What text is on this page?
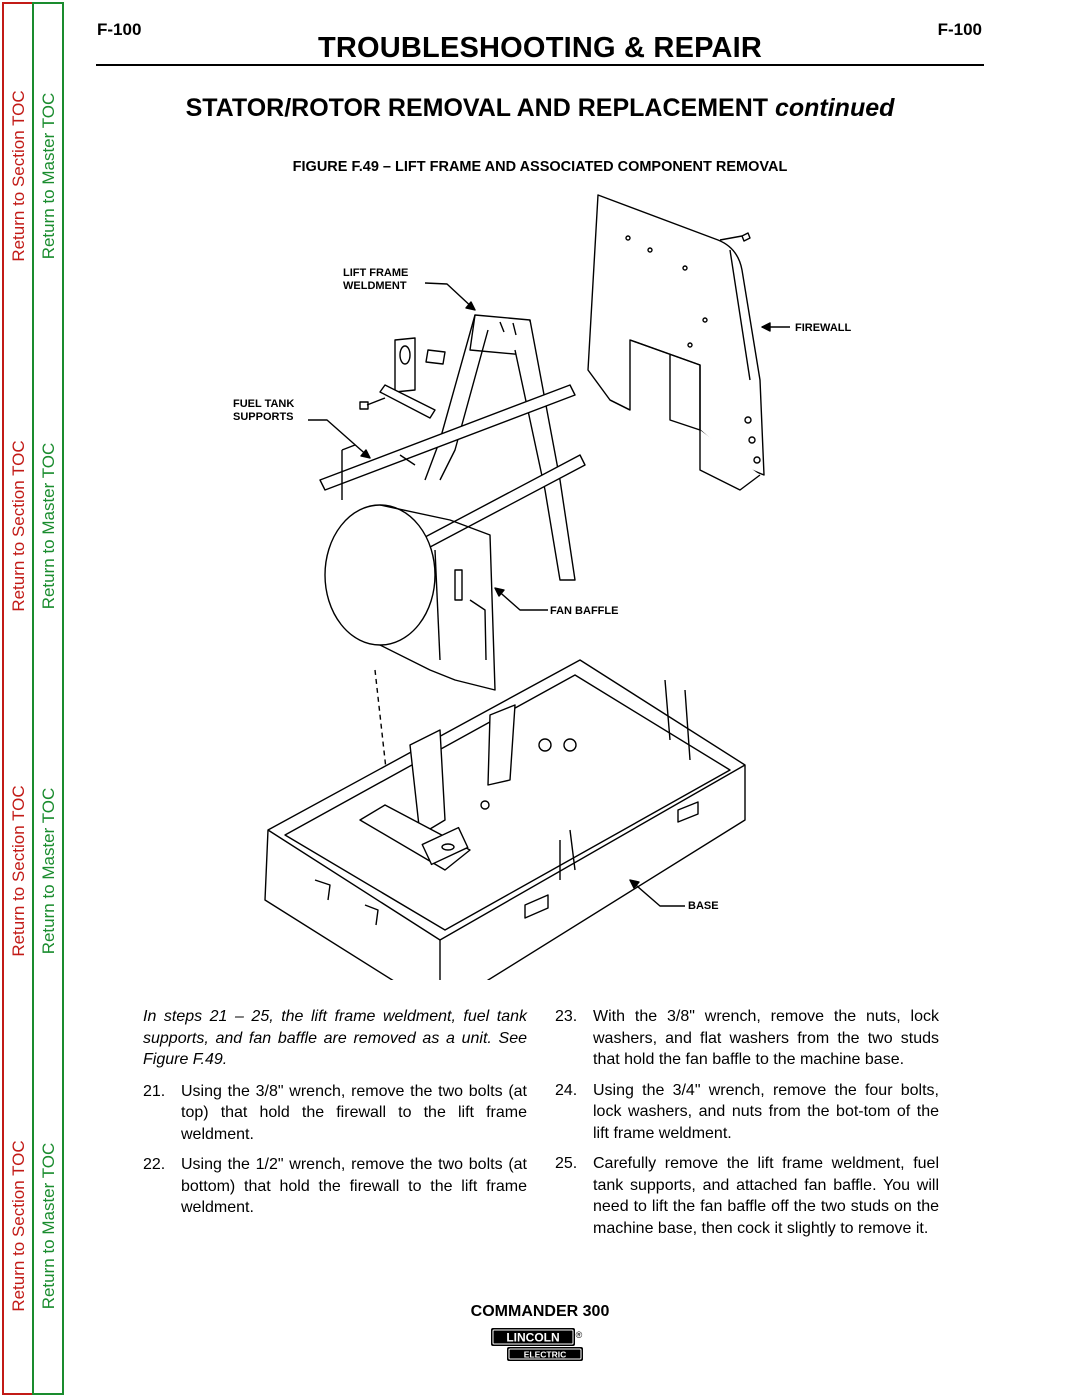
Return to Section TOC
Return to Section TOC
Return to Section TOC
Return to Section TOC
Return to Master TOC
Return to Master TOC
Return to Master TOC
Return to Master TOC
F-100	F-100
TROUBLESHOOTING & REPAIR
STATOR/ROTOR REMOVAL AND REPLACEMENT continued
FIGURE F.49 – LIFT FRAME AND ASSOCIATED COMPONENT REMOVAL
LIFT FRAME
WELDMENT
FIREWALL
FUEL TANK
SUPPORTS
FAN BAFFLE
BASE

In steps 21 – 25, the lift frame weldment, fuel tank supports, and fan baffle are removed as a unit. See Figure F.49.

21. Using the 3/8" wrench, remove the two bolts (at top) that hold the firewall to the lift frame weldment.
22. Using the 1/2" wrench, remove the two bolts (at bottom) that hold the firewall to the lift frame weldment.
23. With the 3/8" wrench, remove the nuts, lock washers, and flat washers from the two studs that hold the fan baffle to the machine base.
24. Using the 3/4" wrench, remove the four bolts, lock washers, and nuts from the bot-tom of the lift frame weldment.
25. Carefully remove the lift frame weldment, fuel tank supports, and attached fan baffle. You will need to lift the fan baffle off the two studs on the machine base, then cock it slightly to remove it.
COMMANDER 300
LINCOLN ®
ELECTRIC
